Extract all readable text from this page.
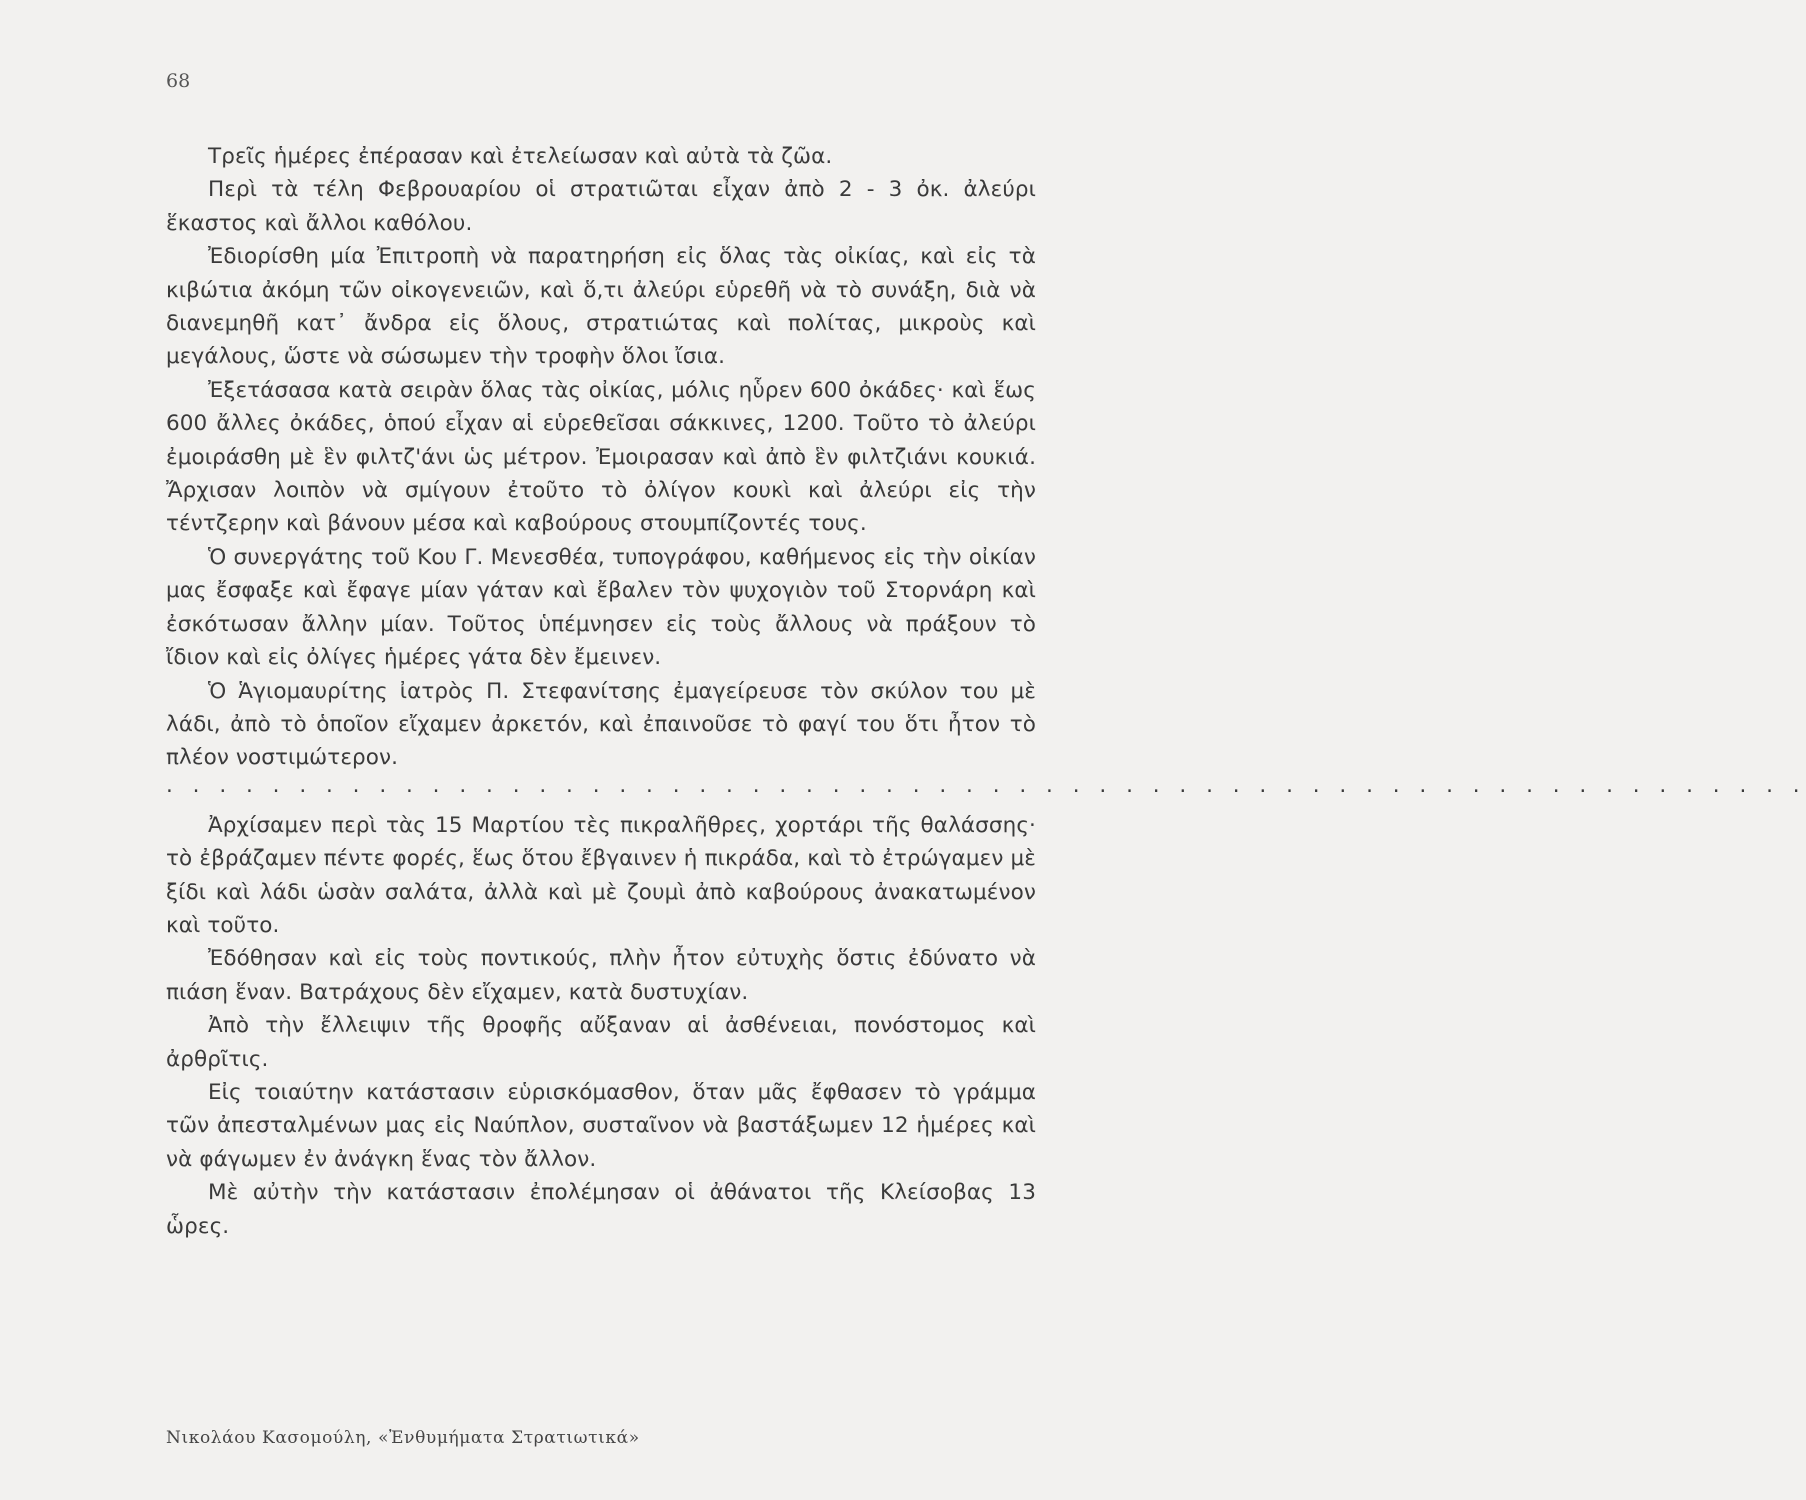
68

Τρεῖς ἡμέρες ἐπέρασαν καὶ ἐτελείωσαν καὶ αὐτὰ τὰ ζῶα.

Περὶ τὰ τέλη Φεβρουαρίου οἱ στρατιῶται εἶχαν ἀπὸ 2 - 3 ὀκ. ἀλεύρι ἕκαστος καὶ ἄλλοι καθόλου.

Ἐδιορίσθη μία Ἐπιτροπὴ νὰ παρατηρήση εἰς ὅλας τὰς οἰκίας, καὶ εἰς τὰ κιβώτια ἀκόμη τῶν οἰκογενειῶν, καὶ ὅ,τι ἀλεύρι εὑρεθῆ νὰ τὸ συνάξη, διὰ νὰ διανεμηθῆ κατ᾽ ἄνδρα εἰς ὅλους, στρατιώτας καὶ πολίτας, μικροὺς καὶ μεγάλους, ὥστε νὰ σώσωμεν τὴν τροφὴν ὅλοι ἴσια.

Ἐξετάσασα κατὰ σειρὰν ὅλας τὰς οἰκίας, μόλις ηὗρεν 600 ὀκάδες· καὶ ἕως 600 ἄλλες ὀκάδες, ὁπού εἶχαν αἱ εὑρεθεῖσαι σάκκινες, 1200. Τοῦτο τὸ ἀλεύρι ἐμοιράσθη μὲ ἓν φιλτζ'άνι ὡς μέτρον. Ἐμοιρασαν καὶ ἀπὸ ἓν φιλτζιάνι κουκιά. Ἄρχισαν λοιπὸν νὰ σμίγουν ἐτοῦτο τὸ ὀλίγον κουκὶ καὶ ἀλεύρι εἰς τὴν τέντζερην καὶ βάνουν μέσα καὶ καβούρους στουμπίζοντές τους.

Ὁ συνεργάτης τοῦ Κου Γ. Μενεσθέα, τυπογράφου, καθήμενος εἰς τὴν οἰκίαν μας ἔσφαξε καὶ ἔφαγε μίαν γάταν καὶ ἔβαλεν τὸν ψυχογιὸν τοῦ Στορνάρη καὶ ἐσκότωσαν ἄλλην μίαν. Τοῦτος ὑπέμνησεν εἰς τοὺς ἄλλους νὰ πράξουν τὸ ἴδιον καὶ εἰς ὀλίγες ἡμέρες γάτα δὲν ἔμεινεν.

Ὁ Ἁγιομαυρίτης ἰατρὸς Π. Στεφανίτσης ἐμαγείρευσε τὸν σκύλον του μὲ λάδι, ἀπὸ τὸ ὁποῖον εἴχαμεν ἀρκετόν, καὶ ἐπαινοῦσε τὸ φαγί του ὅτι ἦτον τὸ πλέον νοστιμώτερον.

· · · · · · · · · · · · · · · · · · · · · · · · · · · · · · · · · · · · · · · · · · · · · · · · · · · · · · · · · · · · · ·

Ἀρχίσαμεν περὶ τὰς 15 Μαρτίου τὲς πικραλῆθρες, χορτάρι τῆς θαλάσσης· τὸ ἐβράζαμεν πέντε φορές, ἕως ὅτου ἔβγαινεν ἡ πικράδα, καὶ τὸ ἐτρώγαμεν μὲ ξίδι καὶ λάδι ὡσὰν σαλάτα, ἀλλὰ καὶ μὲ ζουμὶ ἀπὸ καβούρους ἀνακατωμένον καὶ τοῦτο.

Ἐδόθησαν καὶ εἰς τοὺς ποντικούς, πλὴν ἦτον εὐτυχὴς ὅστις ἐδύνατο νὰ πιάση ἕναν. Βατράχους δὲν εἴχαμεν, κατὰ δυστυχίαν.

Ἀπὸ τὴν ἔλλειψιν τῆς θροφῆς αὔξαναν αἱ ἀσθένειαι, πονόστομος καὶ ἀρθρῖτις.

Εἰς τοιαύτην κατάστασιν εὑρισκόμασθον, ὅταν μᾶς ἔφθασεν τὸ γράμμα τῶν ἀπεσταλμένων μας εἰς Ναύπλον, συσταῖνον νὰ βαστάξωμεν 12 ἡμέρες καὶ νὰ φάγωμεν ἐν ἀνάγκη ἕνας τὸν ἄλλον.

Μὲ αὐτὴν τὴν κατάστασιν ἐπολέμησαν οἱ ἀθάνατοι τῆς Κλείσοβας 13 ὧρες.

Νικολάου Κασομούλη, «Ἐνθυμήματα Στρατιωτικά»
